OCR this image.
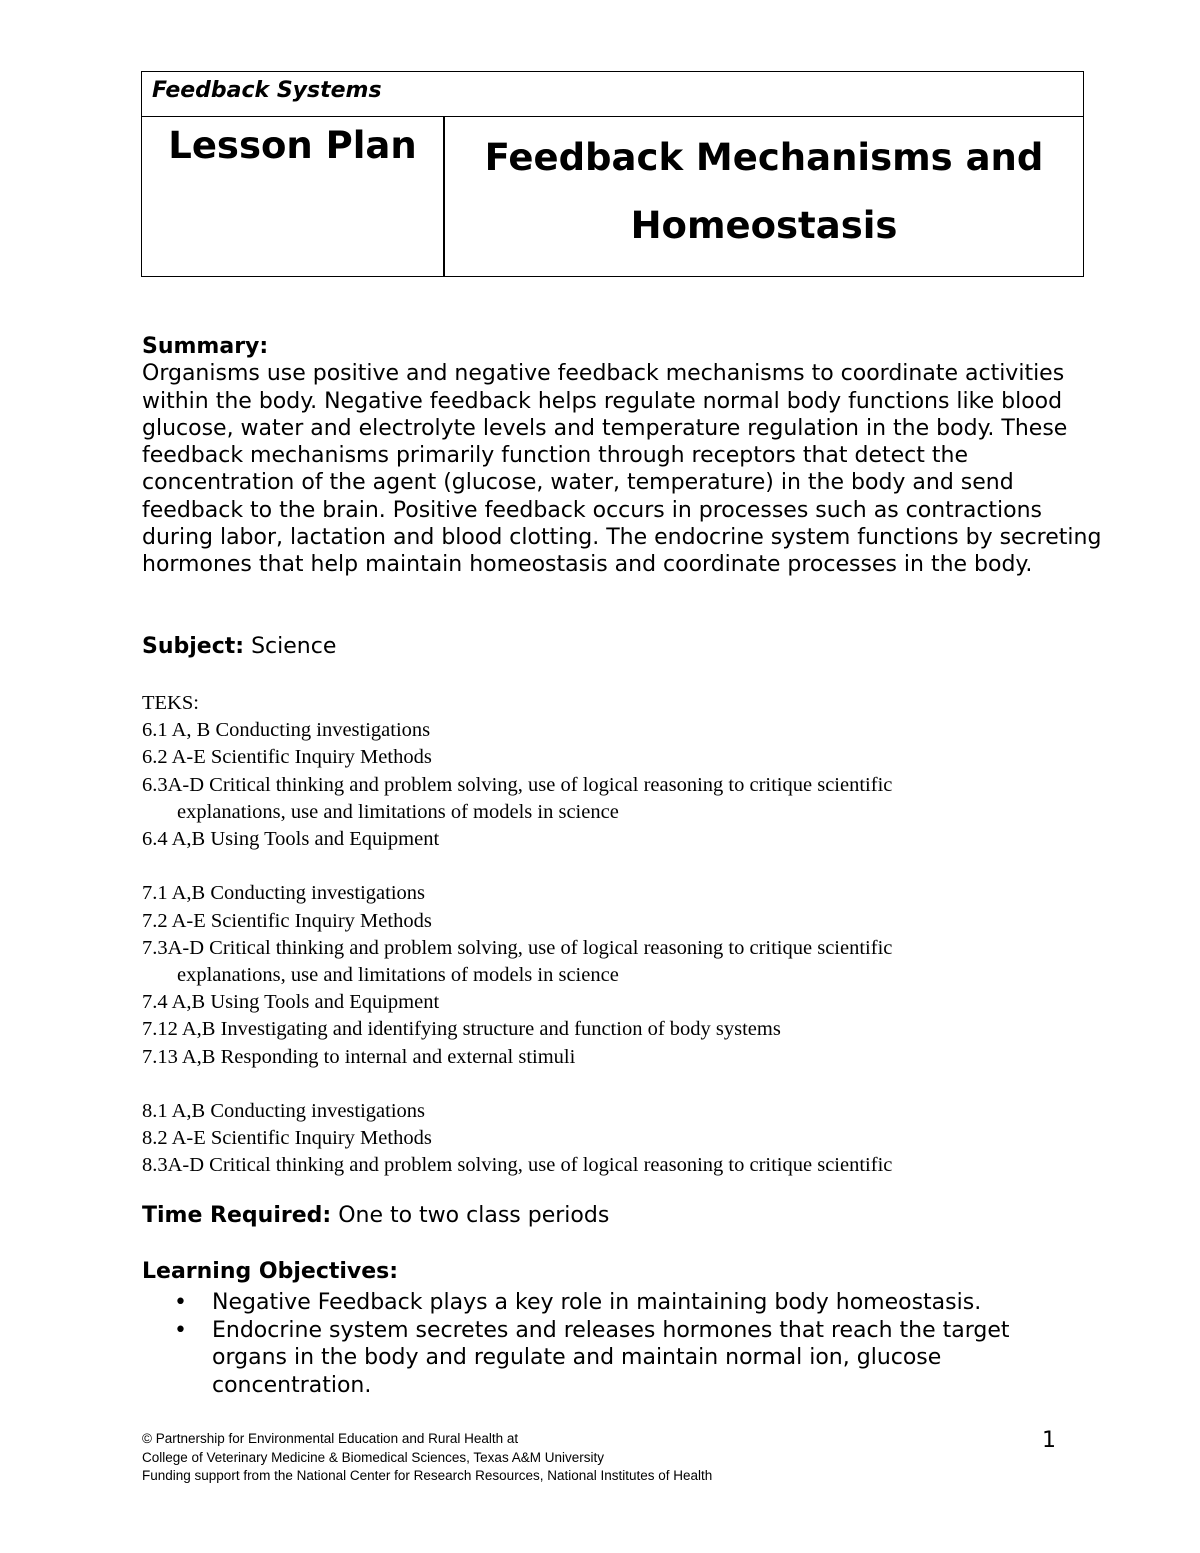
Feedback Systems
Lesson Plan	Feedback Mechanisms and
Homeostasis
Summary:
Organisms use positive and negative feedback mechanisms to coordinate activities within the body. Negative feedback helps regulate normal body functions like blood glucose, water and electrolyte levels and temperature regulation in the body. These feedback mechanisms primarily function through receptors that detect the concentration of the agent (glucose, water, temperature) in the body and send feedback to the brain. Positive feedback occurs in processes such as contractions during labor, lactation and blood clotting. The endocrine system functions by secreting hormones that help maintain homeostasis and coordinate processes in the body.
Subject: Science
TEKS:
6.1 A, B Conducting investigations
6.2 A-E Scientific Inquiry Methods
6.3A-D Critical thinking and problem solving, use of logical reasoning to critique scientific
explanations, use and limitations of models in science
6.4 A,B Using Tools and Equipment
7.1 A,B Conducting investigations
7.2 A-E Scientific Inquiry Methods
7.3A-D Critical thinking and problem solving, use of logical reasoning to critique scientific
explanations, use and limitations of models in science
7.4 A,B Using Tools and Equipment
7.12 A,B Investigating and identifying structure and function of body systems
7.13 A,B Responding to internal and external stimuli
8.1 A,B Conducting investigations
8.2 A-E Scientific Inquiry Methods
8.3A-D Critical thinking and problem solving, use of logical reasoning to critique scientific
Time Required: One to two class periods
Learning Objectives:
• Negative Feedback plays a key role in maintaining body homeostasis.
• Endocrine system secretes and releases hormones that reach the target organs in the body and regulate and maintain normal ion, glucose concentration.
© Partnership for Environmental Education and Rural Health at
College of Veterinary Medicine & Biomedical Sciences, Texas A&M University
Funding support from the National Center for Research Resources, National Institutes of Health
1
